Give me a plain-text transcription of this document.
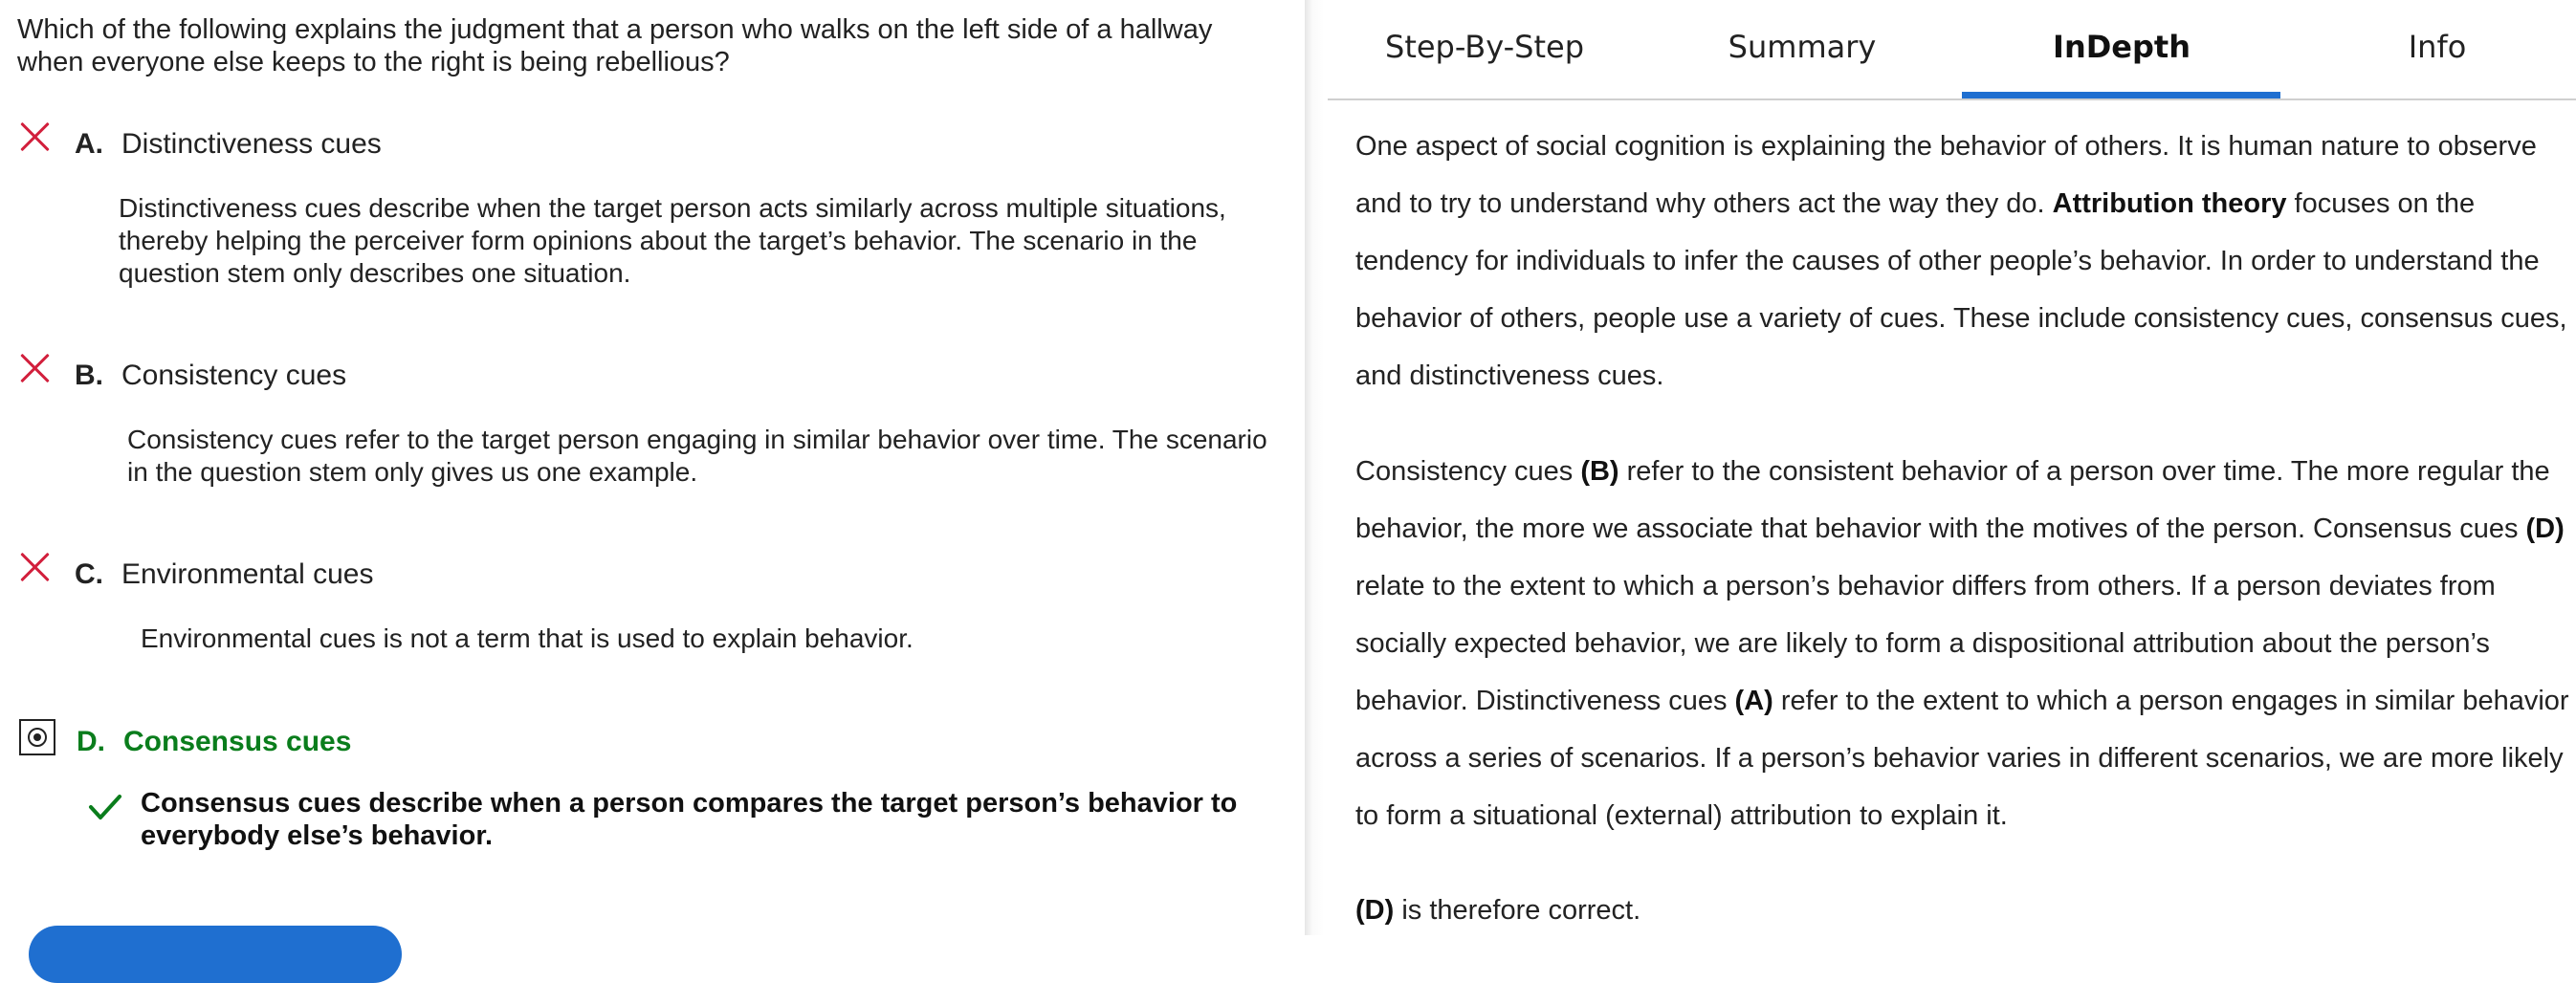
Which of the following explains the judgment that a person who walks on the left side of a hallway when everyone else keeps to the right is being rebellious?
A. Distinctiveness cues
Distinctiveness cues describe when the target person acts similarly across multiple situations, thereby helping the perceiver form opinions about the target’s behavior. The scenario in the question stem only describes one situation.
B. Consistency cues
Consistency cues refer to the target person engaging in similar behavior over time. The scenario in the question stem only gives us one example.
C. Environmental cues
Environmental cues is not a term that is used to explain behavior.
D. Consensus cues
Consensus cues describe when a person compares the target person’s behavior to everybody else’s behavior.
Step-By-Step	Summary	InDepth	Info
One aspect of social cognition is explaining the behavior of others. It is human nature to observe and to try to understand why others act the way they do. Attribution theory focuses on the tendency for individuals to infer the causes of other people’s behavior. In order to understand the behavior of others, people use a variety of cues. These include consistency cues, consensus cues, and distinctiveness cues.
Consistency cues (B) refer to the consistent behavior of a person over time. The more regular the behavior, the more we associate that behavior with the motives of the person. Consensus cues (D) relate to the extent to which a person’s behavior differs from others. If a person deviates from socially expected behavior, we are likely to form a dispositional attribution about the person’s behavior. Distinctiveness cues (A) refer to the extent to which a person engages in similar behavior across a series of scenarios. If a person’s behavior varies in different scenarios, we are more likely to form a situational (external) attribution to explain it.
(D) is therefore correct.
